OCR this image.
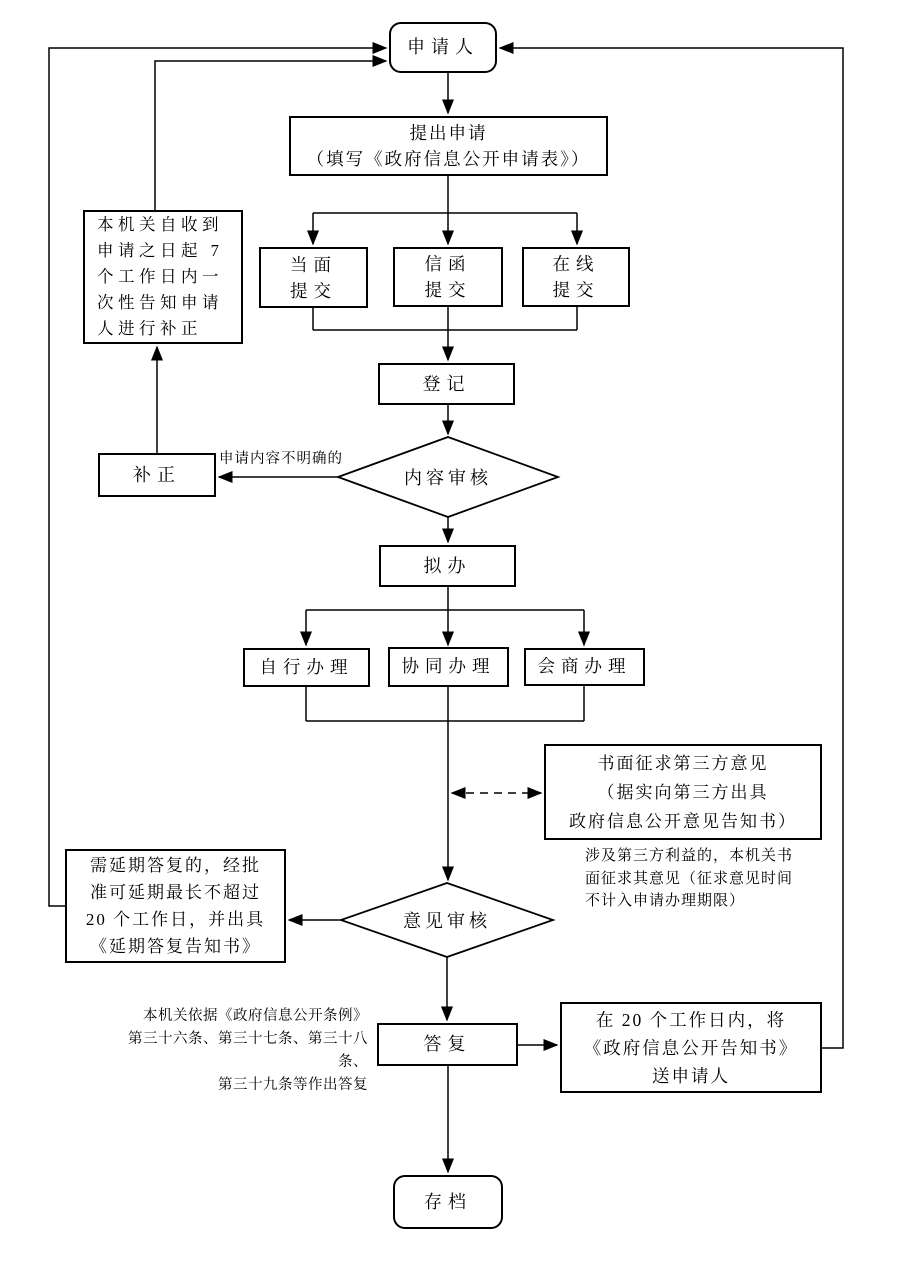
申请人
提出申请
（填写《政府信息公开申请表》）
当面
提交
信函
提交
在线
提交
登记
内容审核
补正
本机关自收到
申请之日起 7
个工作日内一
次性告知申请
人进行补正
拟办
自行办理	协同办理	会商办理
书面征求第三方意见
（据实向第三方出具
政府信息公开意见告知书）
涉及第三方利益的，本机关书
面征求其意见（征求意见时间
不计入申请办理期限）
需延期答复的，经批
准可延期最长不超过
20 个工作日，并出具
《延期答复告知书》
意见审核
本机关依据《政府信息公开条例》
第三十六条、第三十七条、第三十八条、
第三十九条等作出答复
答复
在 20 个工作日内，将
《政府信息公开告知书》
送申请人
存档
申请内容不明确的
